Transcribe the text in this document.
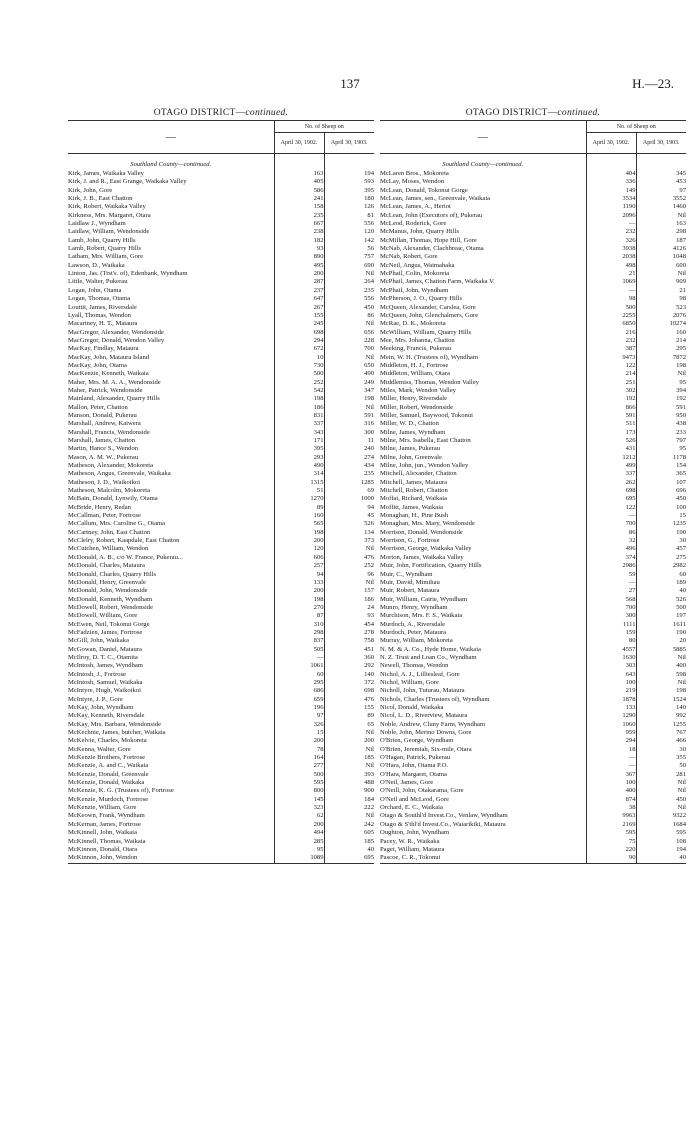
137	H.—23.
OTAGO DISTRICT—continued.
—	No. of Sheep on	
	April 30, 1902.	April 30, 1903.
Southland County—continued.		
Kirk, James, Waikaka Valley	163	194
Kirk, J. and R., East Grange, Waikaka Valley	405	593
Kirk, John, Gore	586	395
Kirk, J. B., East Chatton	241	180
Kirk, Robert, Waikaka Valley	158	126
Kirkness, Mrs. Margaret, Otara	235	81
Laidlaw J., Wyndham	667	556
Laidlaw, William, Wendonside	238	120
Lamb, John, Quarry Hills	182	142
Lamb, Robert, Quarry Hills	93	56
Latham, Mrs. William, Gore	890	757
Lawson, D., Waikaka	495	690
Linton, Jas. (Trst's. of), Edenbank, Wyndham	200	Nil
Little, Walter, Pukerau	287	264
Logan, John, Otama	237	235
Logan, Thomas, Otama	647	556
Louttit, James, Riversdale	267	450
Lyall, Thomas, Wendon	155	86
Macartney, H. T., Mataura	245	Nil
MacGregor, Alexander, Wendonside	698	656
MacGregor, Donald, Wendon Valley	294	228
MacKay, Findlay, Mataura	672	700
MacKay, John, Mataura Island	10	Nil
MacKay, John, Otama	730	650
MacKenzie, Kenneth, Waikaia	500	490
Maher, Mrs. M. A. A., Wendonside	252	249
Maher, Patrick, Wendonside	542	347
Mainland, Alexander, Quarry Hills	198	198
Mallon, Peter, Chatton	186	Nil
Manson, Donald, Pukerau	831	591
Marshall, Andrew, Kaiwera	337	316
Marshall, Francis, Wendonside	343	300
Marshall, James, Chatton	171	11
Martin, Hance S., Wendon	395	240
Mason, A. M. W., Pukerau	293	274
Matheson, Alexander, Mokoreta	490	434
Matheson, Angus, Greenvale, Waikaka	314	235
Matheson, J. D., Waikoikoi	1315	1285
Matheson, Malcolm, Mokoreta	51	69
McBain, Donald, Lynwily, Otama	1270	1000
McBride, Henry, Redan	89	94
McCallman, Peter, Fortrose	160	45
McCallum, Mrs. Caroline G., Otama	565	526
McCartney, John, East Chatton	198	134
McClelry, Robert, Kaapdale, East Chatton	200	373
McCutchen, William, Wendon	120	Nil
McDonald, A. B., c/o W. France, Pukerau...	606	476
McDonald, Charles, Mataura	257	252
McDonald, Charles, Quarry Hills	94	96
McDonald, Henry, Greenvale	133	Nil
McDonald, John, Wendonside	200	157
McDonald, Kenneth, Wyndham	198	186
McDowell, Robert, Wendonside	270	24
McDowell, William, Gore	87	93
McEwen, Neil, Tokonui Gorge	310	454
McFadzien, James, Fortrose	298	278
McGill, John, Waikaka	837	758
McGowan, Daniel, Mataura	505	451
McIlroy, D. T. C., Otamita	—	360
McIntosh, James, Wyndham	1061	292
McIntosh, J., Fortrose	60	140
McIntosh, Samuel, Waikaka	295	372
McIntyre, Hugh, Waikoikoi	686	698
McIntyre, J. P., Gore	659	476
McKay, John, Wyndham	196	155
McKay, Kenneth, Riversdale	97	89
McKay, Mrs. Barbara, Wendonside	326	65
McKechnie, James, butcher, Waikaia	15	Nil
McKelvie, Charles, Mokoreta	200	200
McKenna, Walter, Gore	78	Nil
McKenzie Brothers, Fortrose	164	185
McKenzie, A. and C., Waikaia	277	Nil
McKenzie, Donald, Greenvale	500	393
McKenzie, Donald, Waikaka	595	488
McKenzie, K. G. (Trustees of), Fortrose	800	900
McKenzie, Murdoch, Fortrose	145	184
McKenzie, William, Gore	323	222
McKeown, Frank, Wyndham	62	Nil
McKernan, James, Fortrose	200	242
McKinnell, John, Waikaia	494	605
McKinnell, Thomas, Waikaia	285	185
McKinnon, Donald, Otara	95	40
McKinnon, John, Wendon	1089	695
OTAGO DISTRICT—continued.
—	No. of Sheep on	
	April 30, 1902.	April 30, 1903.
Southland County—continued.		
McLaren Bros., Mokoreta	404	345
McLay, Moses, Wendon	336	453
McLean, Donald, Tokonui Gorge	149	97
McLean, James, sen., Greenvale, Waikaia	3534	3552
McLean, James, A., Heriot	1190	1460
McLean, John (Executors of), Pukerau	2096	Nil
McLeod, Roderick, Gore	—	163
McManus, John, Quarry Hills	232	298
McMillan, Thomas, Hope Hill, Gore	326	187
McNab, Alexander, Clachbreac, Otama	3938	4126
McNab, Robert, Gore	2038	1048
McNeil, Angus, Waimahaka	498	600
McPhail, Colin, Mokoreta	21	Nil
McPhail, James, Chatton Farm, Waikaka V.	1069	909
McPhail, John, Wyndham	—	21
McPherson, J. O., Quarry Hills	98	98
McQueen, Alexander, Carslea, Gore	500	523
McQueen, John, Glenchalmers, Gore	2255	2076
McRae, D. K., Mokoreta	6850	10274
McWilliam, William, Quarry Hills	216	160
Mee, Mrs. Johanna, Chatton	232	214
Meeking, Francis, Pukerau	387	295
Mein, W. H. (Trustees of), Wyndham	9473	7872
Middleton, H. J., Fortrose	122	198
Middleton, William, Otara	214	Nil
Middlemiss, Thomas, Wendon Valley	251	95
Miles, Mark, Wendon Valley	302	394
Miller, Henry, Riversdale	192	192
Miller, Robert, Wendonside	866	591
Miller, Samuel, Baywood, Tokonui	591	950
Miller, W. D., Chatton	511	438
Milne, James, Wyndham	173	233
Milne, Mrs. Isabella, East Chatton	526	797
Milne, James, Pukerau	431	95
Milne, John, Greenvale	1212	1178
Milne, John, jun., Wendon Valley	499	154
Mitchell, Alexander, Chatton	337	365
Mitchell, James, Mataura	262	107
Mitchell, Robert, Chatton	698	696
Moffat, Richard, Waikaia	695	450
Moffitt, James, Waikaia	122	100
Monaghan, H., Pine Bush	—	15
Monaghan, Mrs. Mary, Wendonside	700	1235
Morrison, Donald, Wendonside	86	190
Morrison, G., Fortrose	32	30
Morrison, George, Waikaka Valley	496	457
Morton, James, Waikaka Valley	374	275
Muir, John, Fortification, Quarry Hills	2986	2982
Muir, C., Wyndham	59	60
Muir, David, Mimihau	—	189
Muir, Robert, Mataura	27	40
Muir, William, Cairie, Wyndham	568	526
Munro, Henry, Wyndham	700	500
Murchison, Mrs. F. S., Waikaia	300	197
Murdoch, A., Riversdale	1111	1611
Murdoch, Peter, Mataura	159	190
Murray, William, Mokoreta	80	20
N. M. & A. Co., Hyde Home, Waikaia	4557	5885
N. Z. Trust and Loan Co., Wyndham	1630	Nil
Newell, Thomas, Wendon	303	400
Nichol, A. J., Lilliesleaf, Gore	643	598
Nichol, William, Gore	100	Nil
Nicholl, John, Tuturau, Mataura	219	198
Nichols, Charles (Trustees of), Wyndham	1878	1524
Nicol, Donald, Waikaka	133	140
Nicol, L. D., Riverview, Mataura	1290	992
Noble, Andrew, Cluny Farm, Wyndham	1060	1255
Noble, John, Merino Downs, Gore	959	767
O'Brien, George, Wyndham	294	466
O'Brien, Jeremiah, Six-mile, Otara	18	30
O'Hagan, Patrick, Pukerau	—	355
O'Hara, John, Otama P.O.	—	50
O'Hara, Margaret, Otama	367	281
O'Neil, James, Gore	100	Nil
O'Neill, John, Otakarama, Gore	400	Nil
O'Neil and McLeod, Gore	874	450
Orchard, E. C., Waikaia	38	Nil
Otago & Southl'd Invest.Co., Venlaw, Wyndham	9963	9322
Otago & S'thl'd Invest.Co., Waiarikiki, Mataura	2169	1684
Oughton, John, Wyndham	595	595
Pacey, W. R., Waikaka	75	108
Paget, William, Mataura	220	194
Pascoe, C. R., Tokonui	90	40
